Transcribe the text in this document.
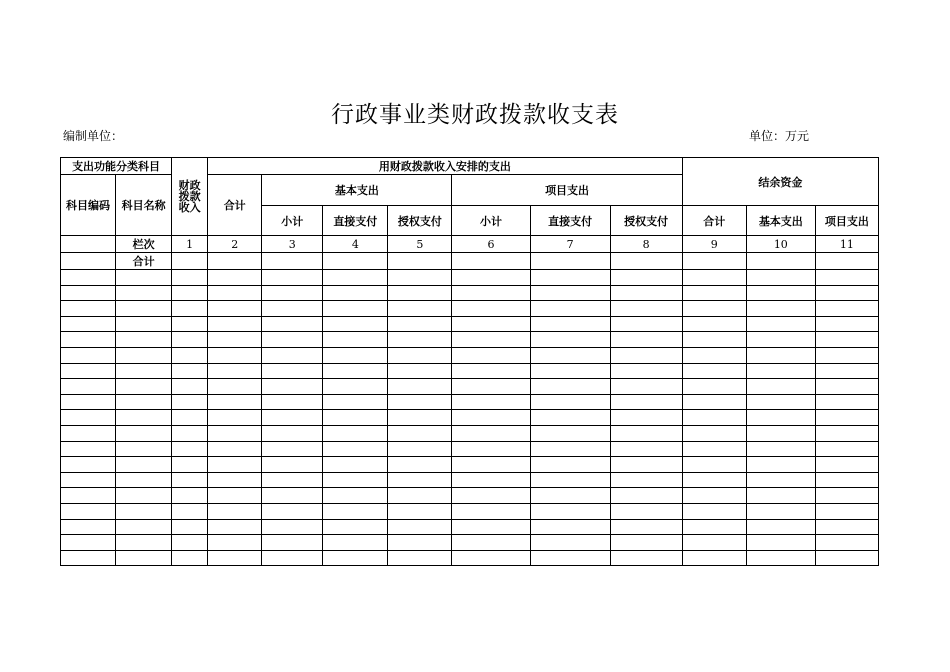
行政事业类财政拨款收支表
编制单位：	单位：万元
支出功能分类科目		财政拨款收入	用财政拨款收入安排的支出							结余资金		
科目编码	科目名称		合计	基本支出			项目支出					
				小计	直接支付	授权支付	小计	直接支付	授权支付	合计	基本支出	项目支出
	栏次	1	2	3	4	5	6	7	8	9	10	11
	合计											
